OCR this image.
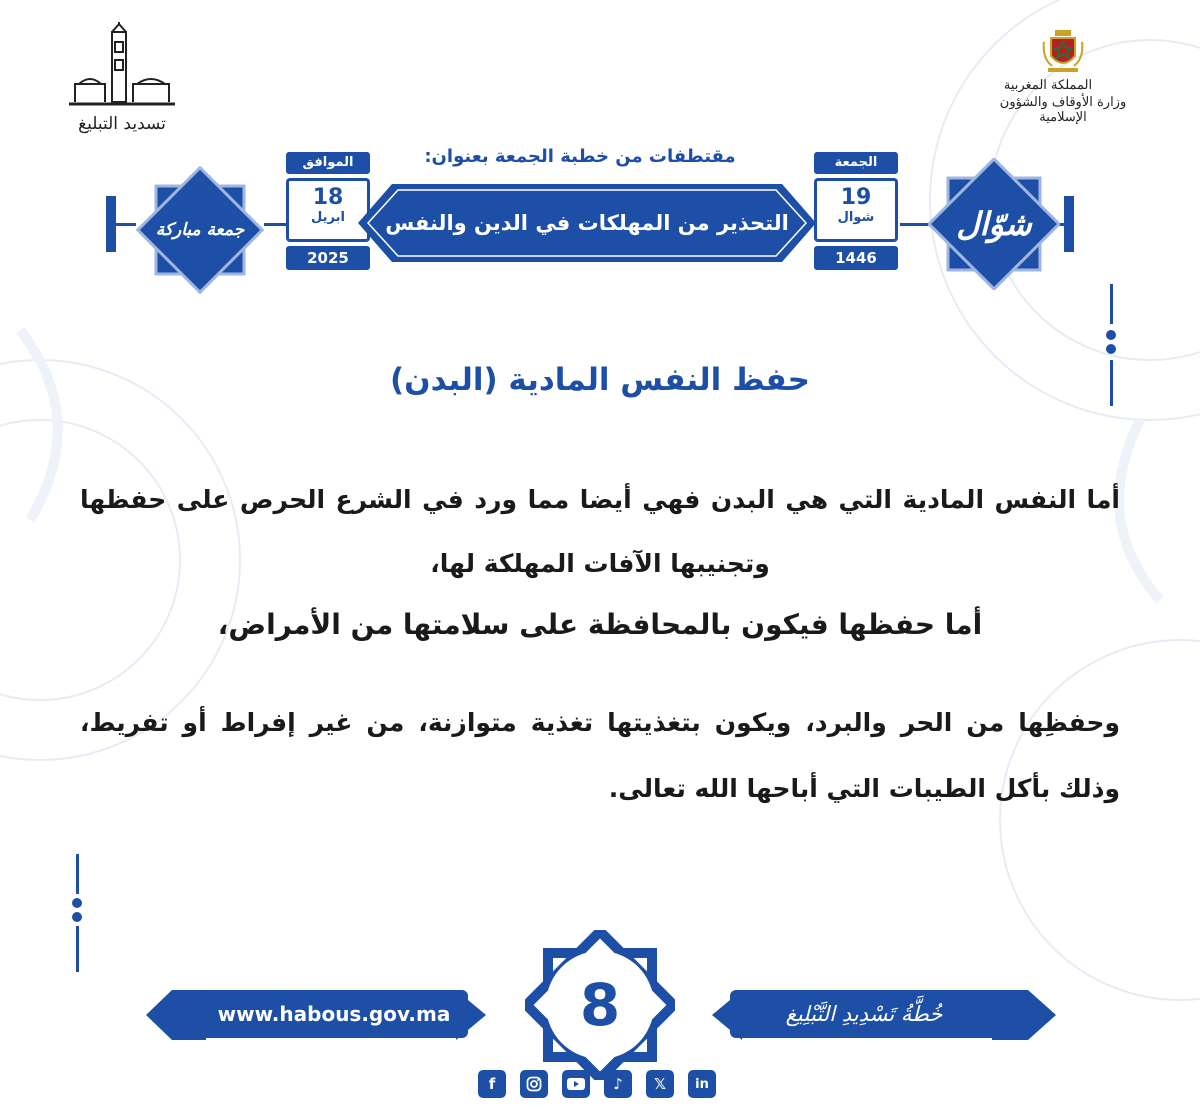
المملكة المغربية
وزارة الأوقاف والشؤون الإسلامية
تسديد التبليغ
شوّال
جمعة مباركة
الجمعة
19
شوال
1446
الموافق
18
ابريل
2025
مقتطفات من خطبة الجمعة بعنوان:
التحذير من المهلكات في الدين والنفس
حفظ النفس المادية (البدن)
أما النفس المادية التي هي البدن فهي أيضا مما ورد في الشرع الحرص على حفظها وتجنيبها الآفات المهلكة لها،
أما حفظها فيكون بالمحافظة على سلامتها من الأمراض،
وحفظِها من الحر والبرد، ويكون بتغذيتها تغذية متوازنة، من غير إفراط أو تفريط، وذلك بأكل الطيبات التي أباحها الله تعالى.
www.habous.gov.ma	خُطَّةُ تَسْدِيدِ التَّبْلِيغ
8
f	♪	𝕏	in
